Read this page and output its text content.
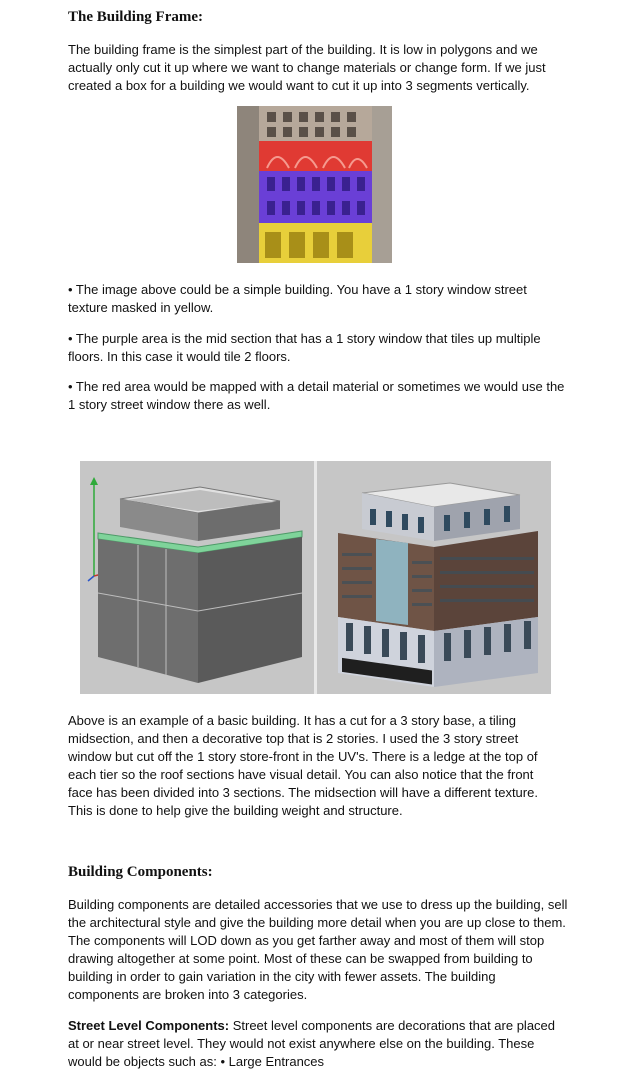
The Building Frame:

The building frame is the simplest part of the building. It is low in polygons and we actually only cut it up where we want to change materials or change form. If we just created a box for a building we would want to cut it up into 3 segments vertically.

• The image above could be a simple building. You have a 1 story window street texture masked in yellow.

• The purple area is the mid section that has a 1 story window that tiles up multiple floors. In this case it would tile 2 floors.

• The red area would be mapped with a detail material or sometimes we would use the 1 story street window there as well.

Above is an example of a basic building. It has a cut for a 3 story base, a tiling midsection, and then a decorative top that is 2 stories. I used the 3 story street window but cut off the 1 story store-front in the UV's. There is a ledge at the top of each tier so the roof sections have visual detail. You can also notice that the front face has been divided into 3 sections. The midsection will have a different texture. This is done to help give the building weight and structure.

Building Components:

Building components are detailed accessories that we use to dress up the building, sell the architectural style and give the building more detail when you are up close to them. The components will LOD down as you get farther away and most of them will stop drawing altogether at some point. Most of these can be swapped from building to building in order to gain variation in the city with fewer assets. The building components are broken into 3 categories.

Street Level Components: Street level components are decorations that are placed at or near street level. They would not exist anywhere else on the building. These would be objects such as: • Large Entrances
